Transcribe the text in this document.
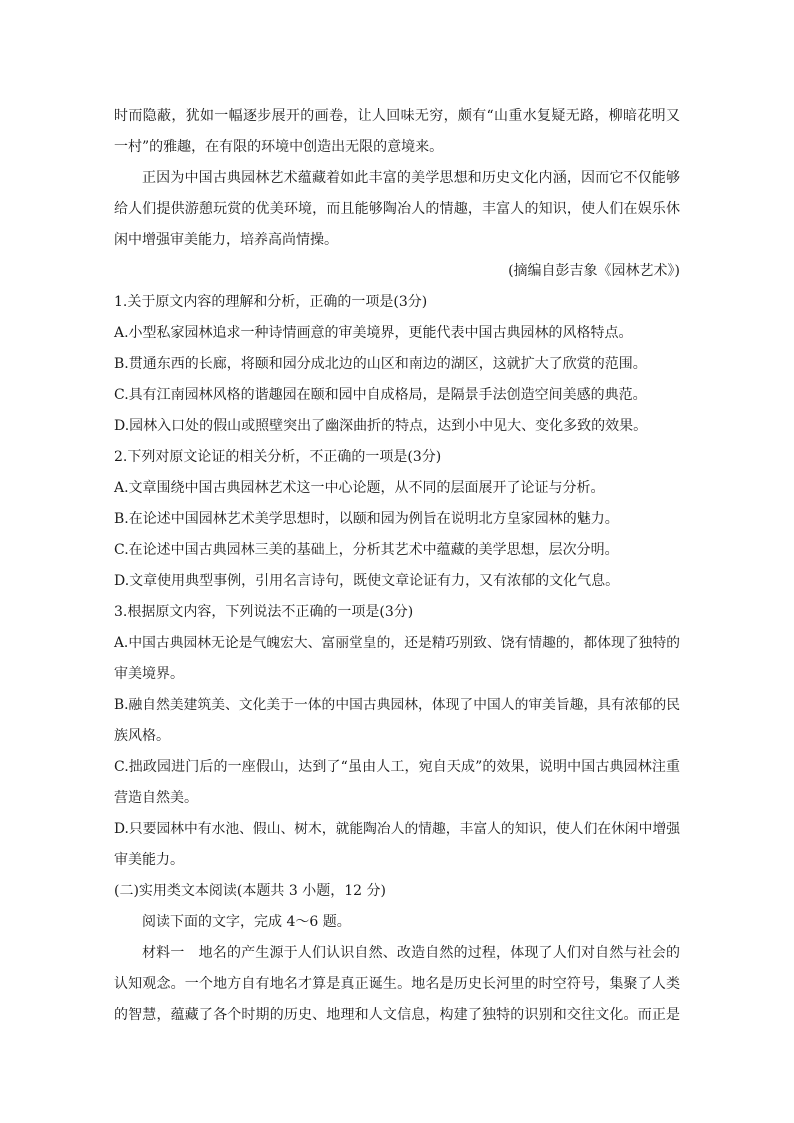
时而隐蔽，犹如一幅逐步展开的画卷，让人回味无穷，颇有“山重水复疑无路，柳暗花明又
一村”的雅趣，在有限的环境中创造出无限的意境来。
正因为中国古典园林艺术蕴藏着如此丰富的美学思想和历史文化内涵，因而它不仅能够
给人们提供游憩玩赏的优美环境，而且能够陶冶人的情趣，丰富人的知识，使人们在娱乐休
闲中增强审美能力，培养高尚情操。
(摘编自彭吉象《园林艺术》)
1.关于原文内容的理解和分析，正确的一项是(3分)
A.小型私家园林追求一种诗情画意的审美境界，更能代表中国古典园林的风格特点。
B.贯通东西的长廊，将颐和园分成北边的山区和南边的湖区，这就扩大了欣赏的范围。
C.具有江南园林风格的谐趣园在颐和园中自成格局，是隔景手法创造空间美感的典范。
D.园林入口处的假山或照壁突出了幽深曲折的特点，达到小中见大、变化多致的效果。
2.下列对原文论证的相关分析，不正确的一项是(3分)
A.文章围绕中国古典园林艺术这一中心论题，从不同的层面展开了论证与分析。
B.在论述中国园林艺术美学思想时，以颐和园为例旨在说明北方皇家园林的魅力。
C.在论述中国古典园林三美的基础上，分析其艺术中蕴藏的美学思想，层次分明。
D.文章使用典型事例，引用名言诗句，既使文章论证有力，又有浓郁的文化气息。
3.根据原文内容，下列说法不正确的一项是(3分)
A.中国古典园林无论是气魄宏大、富丽堂皇的，还是精巧别致、饶有情趣的，都体现了独特的
审美境界。
B.融自然美建筑美、文化美于一体的中国古典园林，体现了中国人的审美旨趣，具有浓郁的民
族风格。
C.拙政园进门后的一座假山，达到了“虽由人工，宛自天成”的效果，说明中国古典园林注重
营造自然美。
D.只要园林中有水池、假山、树木，就能陶冶人的情趣，丰富人的知识，使人们在休闲中增强
审美能力。
(二)实用类文本阅读(本题共 3 小题，12 分)
阅读下面的文字，完成 4～6 题。
材料一　地名的产生源于人们认识自然、改造自然的过程，体现了人们对自然与社会的
认知观念。一个地方自有地名才算是真正诞生。地名是历史长河里的时空符号，集聚了人类
的智慧，蕴藏了各个时期的历史、地理和人文信息，构建了独特的识别和交往文化。而正是
